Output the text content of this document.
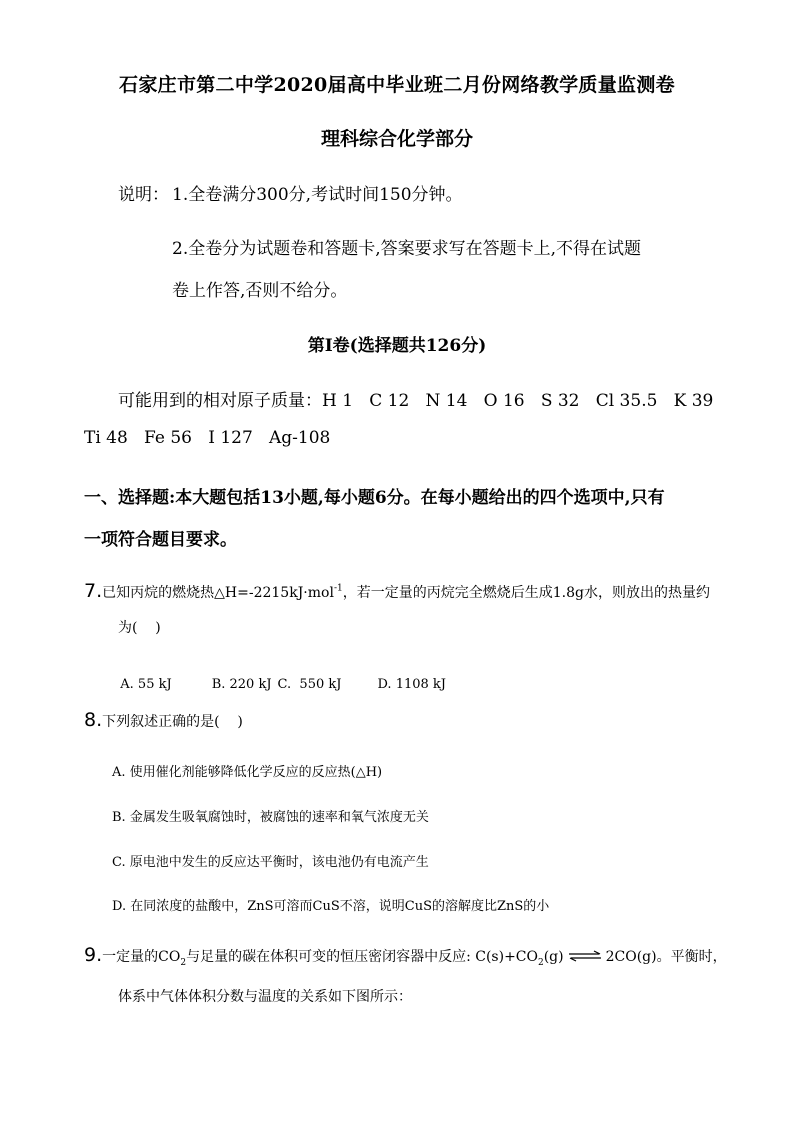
石家庄市第二中学2020届高中毕业班二月份网络教学质量监测卷
理科综合化学部分
说明： 1.全卷满分300分,考试时间150分钟。
2.全卷分为试题卷和答题卡,答案要求写在答题卡上,不得在试题
卷上作答,否则不给分。
第Ⅰ卷(选择题共126分)
可能用到的相对原子质量：H 1   C 12   N 14   O 16   S 32   Cl 35.5   K 39
Ti 48   Fe 56   I 127   Ag-108
一、选择题:本大题包括13小题,每小题6分。在每小题给出的四个选项中,只有
一项符合题目要求。
7.已知丙烷的燃烧热△H=-2215kJ·mol$^{-1}$，若一定量的丙烷完全燃烧后生成1.8g水，则放出的热量约
为(    )

A. 55 kJ	B. 220 kJ C.  550 kJ	D. 1108 kJ

8.下列叙述正确的是(    )
A. 使用催化剂能够降低化学反应的反应热(△H)
B. 金属发生吸氧腐蚀时，被腐蚀的速率和氧气浓度无关
C. 原电池中发生的反应达平衡时，该电池仍有电流产生
D. 在同浓度的盐酸中，ZnS可溶而CuS不溶，说明CuS的溶解度比ZnS的小
9.一定量的$CO_2$与足量的碳在体积可变的恒压密闭容器中反应: $C(s)+CO_2(g)$ ⇌ 2CO(g)。平衡时，
体系中气体体积分数与温度的关系如下图所示：
